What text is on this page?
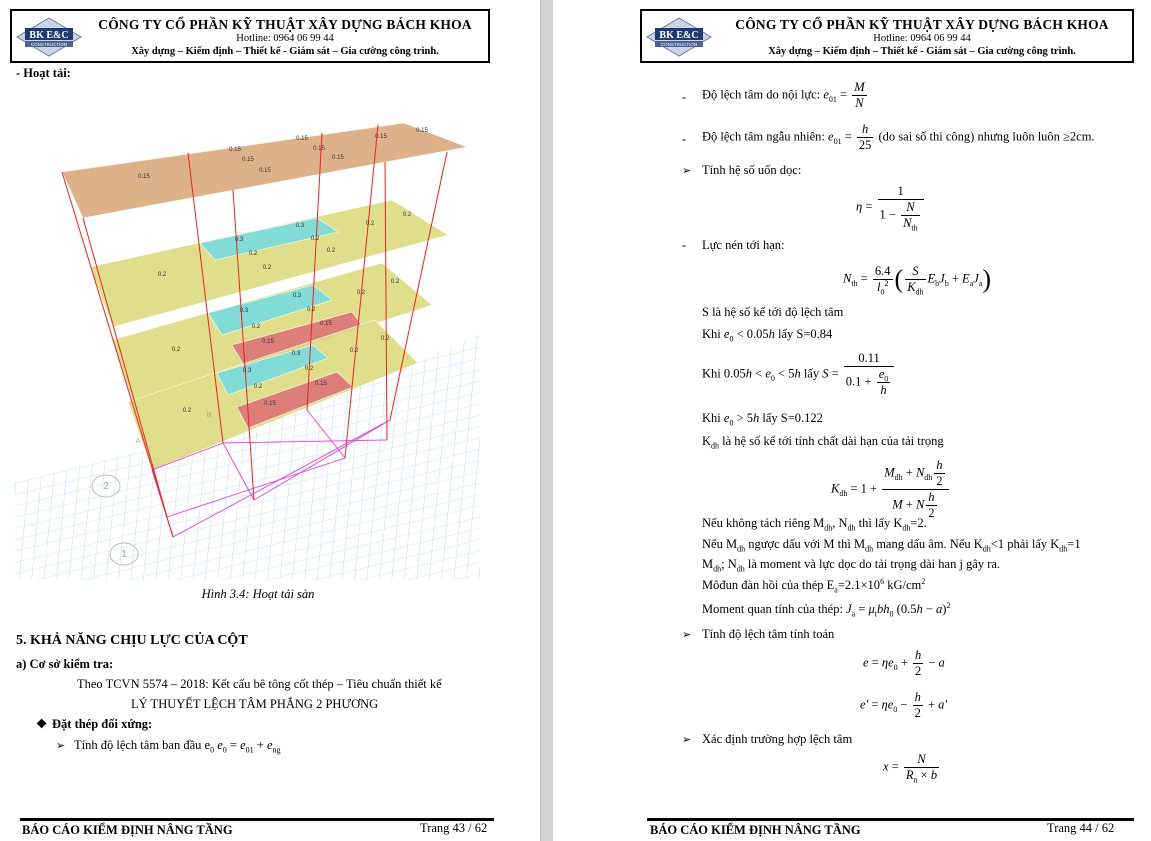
BK E&C
CONSTRUCTION
CÔNG TY CỔ PHẦN KỸ THUẬT XÂY DỰNG BÁCH KHOA
Hotline: 0964 06 99 44
Xây dựng – Kiểm định – Thiết kế - Giám sát – Gia cường công trình.
- Hoạt tải:
0.15
0.15
0.15
0.15
0.15
0.15
0.15
0.15
0.15
0.2
0.3
0.3
0.2
0.2
0.2
0.2
0.2
0.2
0.2
0.3
0.3
0.2
0.2
0.15
0.15
0.2
0.2
0.2
0.3
0.3
0.2
0.2
0.15
0.15
0.2
0.2
1
2
A
B
Hình 3.4: Hoạt tải sàn
5. KHẢ NĂNG CHỊU LỰC CỦA CỘT
a) Cơ sở kiểm tra:
Theo TCVN 5574 – 2018: Kết cấu bê tông cốt thép – Tiêu chuẩn thiết kế
LÝ THUYẾT LỆCH TÂM PHẲNG 2 PHƯƠNG
❖ Đặt thép đối xứng:
➢ Tính độ lệch tâm ban đầu $e_0$ $e_0 = e_{01} + e_{ng}$
BÁO CÁO KIỂM ĐỊNH NÂNG TẦNG	Trang 43 / 62
BK E&C
CONSTRUCTION
CÔNG TY CỔ PHẦN KỸ THUẬT XÂY DỰNG BÁCH KHOA
Hotline: 0964 06 99 44
Xây dựng – Kiểm định – Thiết kế - Giám sát – Gia cường công trình.
- Độ lệch tâm do nội lực: $e_{01} = \frac{M}{N}$
- Độ lệch tâm ngẫu nhiên: $e_{01} = \frac{h}{25} (do$ sai số thi công) nhưng luôn luôn ≥2cm.
➢ Tính hệ số uốn dọc:
$\eta = \frac{1}{1 - \frac{N}{N_{th}}}$
- Lực nén tới hạn:
$N_{th} = \frac{6.4}{l_0^2}$ ( $\frac{S}{K_{dh}} E_bJ_b + E_aJ_a$)
S là hệ số kể tới độ lệch tâm
Khi $e_0 < 0.05h$ lấy S=0.84
Khi $0.05h < e_0 < 5h$ lấy $S = \frac{0.11}{0.1 + \frac{e_0}{h}}$
Khi $e_0 > 5h$ lấy S=0.122
$K_{dh}$ là hệ số kể tới tính chất dài hạn của tải trọng
$K_{dh} = 1 + \frac{M_{dh} + N_{dh} \frac{h}{2}}{M + N \frac{h}{2}}$
Nếu không tách riêng $M_{dh}$, $N_{dh}$ thì lấy $K_{dh}=2$.
Nếu $M_{dh}$ ngược dấu với M thì $M_{dh}$ mang dấu âm. Nếu $K_{dh}<1$ phải lấy $K_{dh}=1$
$M_{dh}$; $N_{dh}$ là moment và lực dọc do tải trọng dài han j gây ra.
Môđun đàn hồi của thép $E_a=2.1\times 10^6$ $kG/cm^2$
Moment quan tính của thép: $J_a = \mu_tbh_0$ $(0.5h - a)^2$
➢ Tính độ lệch tâm tính toán
$e = \eta e_0 + \frac{h}{2} - a$
$e' = \eta e_0 - \frac{h}{2} + a'$
➢ Xác định trường hợp lệch tâm
$x = \frac{N}{R_n \times b}$
BÁO CÁO KIỂM ĐỊNH NÂNG TẦNG	Trang 44 / 62
